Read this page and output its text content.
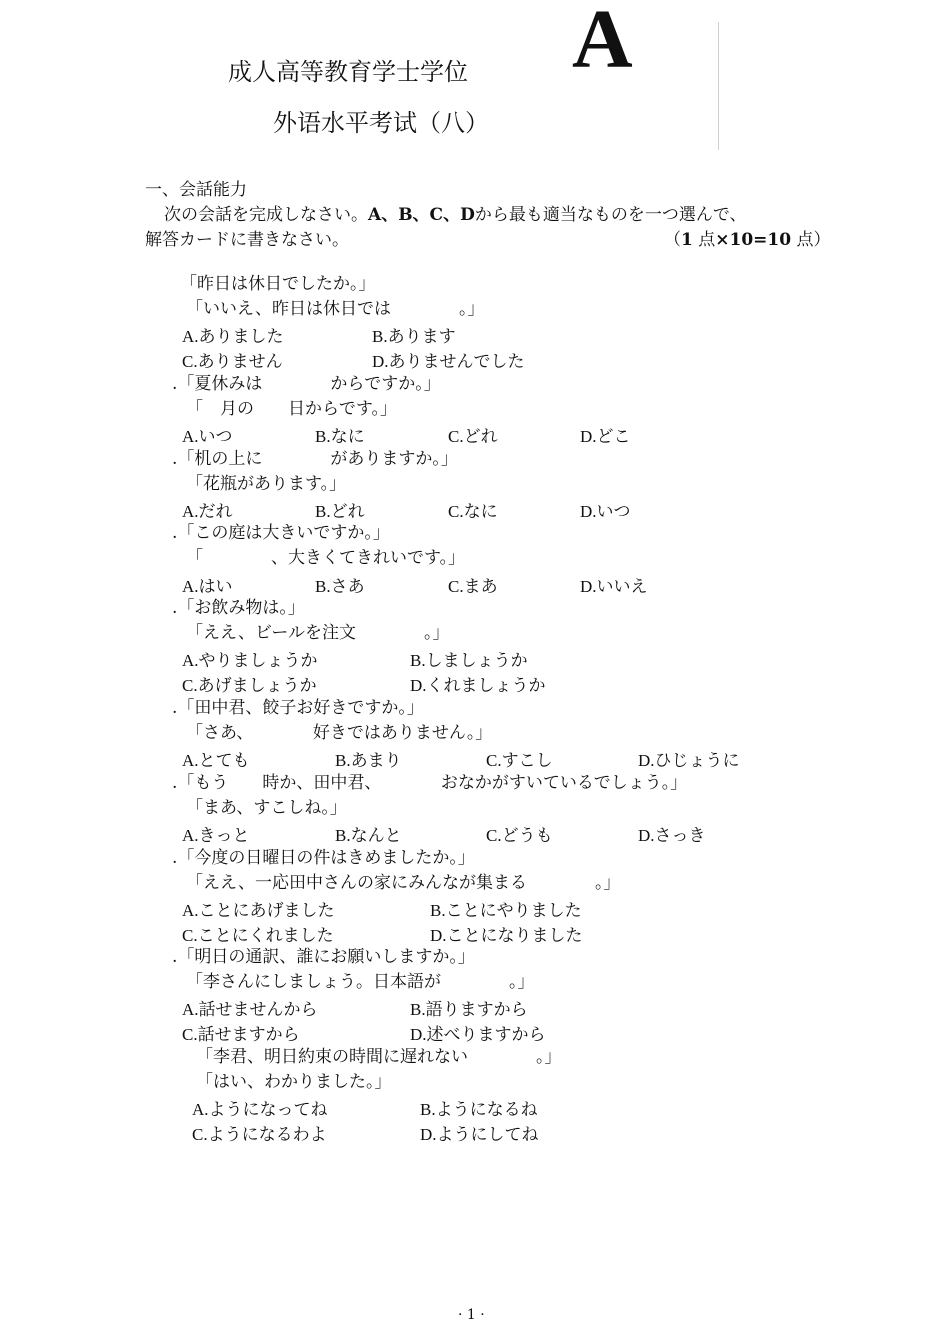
成人高等教育学士学位
外语水平考试（八）
A
一、会話能力
次の会話を完成しなさい。A、B、C、Dから最も適当なものを一つ選んで、
解答カードに書きなさい。	（1 点×10=10 点）
「昨日は休日でしたか。」
「いいえ、昨日は休日では　　　　。」
A.ありました	B.あります
C.ありません	D.ありませんでした
.「夏休みは　　　　からですか。」
「　月の　　日からです。」
A.いつ	B.なに	C.どれ	D.どこ
.「机の上に　　　　がありますか。」
「花瓶があります。」
A.だれ	B.どれ	C.なに	D.いつ
.「この庭は大きいですか。」
「　　　　、大きくてきれいです。」
A.はい	B.さあ	C.まあ	D.いいえ
.「お飲み物は。」
「ええ、ビールを注文　　　　。」
A.やりましょうか	B.しましょうか
C.あげましょうか	D.くれましょうか
.「田中君、餃子お好きですか。」
「さあ、　　　　好きではありません。」
A.とても	B.あまり	C.すこし	D.ひじょうに
.「もう　　時か、田中君、　　　　おなかがすいているでしょう。」
「まあ、すこしね。」
A.きっと	B.なんと	C.どうも	D.さっき
.「今度の日曜日の件はきめましたか。」
「ええ、一応田中さんの家にみんなが集まる　　　　。」
A.ことにあげました	B.ことにやりました
C.ことにくれました	D.ことになりました
.「明日の通訳、誰にお願いしますか。」
「李さんにしましょう。日本語が　　　　。」
A.話せませんから	B.語りますから
C.話せますから	D.述べりますから
「李君、明日約束の時間に遅れない　　　　。」
「はい、わかりました。」
A.ようになってね	B.ようになるね
C.ようになるわよ	D.ようにしてね
· 1 ·
